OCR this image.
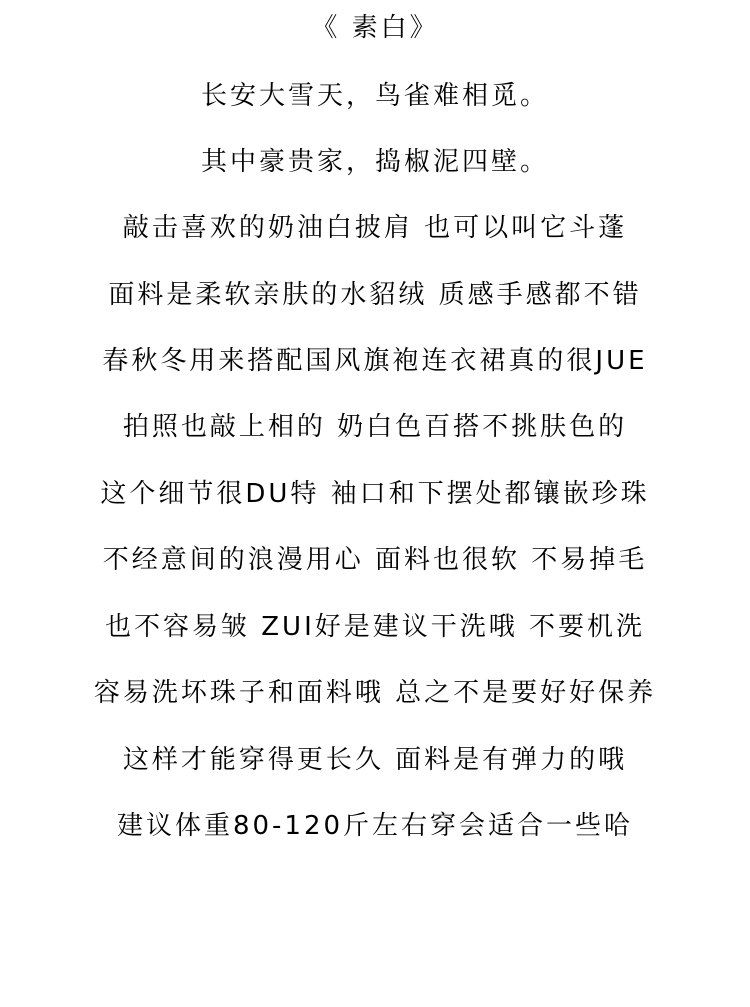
《 素白》
长安大雪天，鸟雀难相觅。
其中豪贵家，捣椒泥四壁。
敲击喜欢的奶油白披肩 也可以叫它斗蓬
面料是柔软亲肤的水貂绒 质感手感都不错
春秋冬用来搭配国风旗袍连衣裙真的很JUE
拍照也敲上相的 奶白色百搭不挑肤色的
这个细节很DU特 袖口和下摆处都镶嵌珍珠
不经意间的浪漫用心 面料也很软 不易掉毛
也不容易皱 ZUI好是建议干洗哦 不要机洗
容易洗坏珠子和面料哦 总之不是要好好保养
这样才能穿得更长久 面料是有弹力的哦
建议体重80-120斤左右穿会适合一些哈
